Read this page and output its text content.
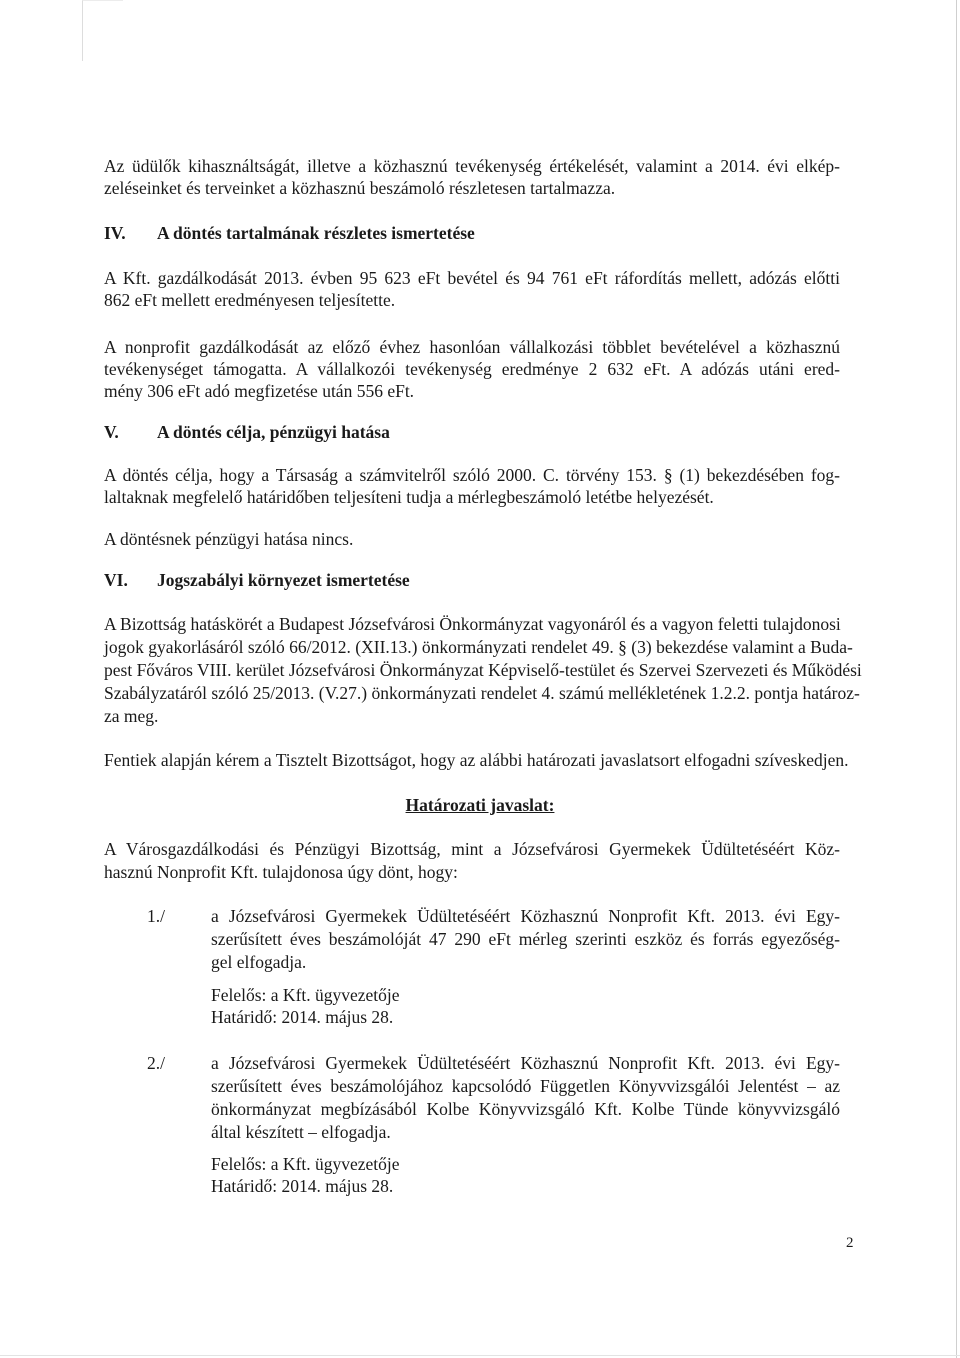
Az üdülők kihasználtságát, illetve a közhasznú tevékenység értékelését, valamint a 2014. évi elkép-
zeléseinket és terveinket a közhasznú beszámoló részletesen tartalmazza.
IV. A döntés tartalmának részletes ismertetése
A Kft. gazdálkodását 2013. évben 95 623 eFt bevétel és 94 761 eFt ráfordítás mellett, adózás előtti
862 eFt mellett eredményesen teljesítette.
A nonprofit gazdálkodását az előző évhez hasonlóan vállalkozási többlet bevételével a közhasznú
tevékenységet támogatta. A vállalkozói tevékenység eredménye 2 632 eFt. A adózás utáni ered-
mény 306 eFt adó megfizetése után 556 eFt.
V. A döntés célja, pénzügyi hatása
A döntés célja, hogy a Társaság a számvitelről szóló 2000. C. törvény 153. § (1) bekezdésében fog-
laltaknak megfelelő határidőben teljesíteni tudja a mérlegbeszámoló letétbe helyezését.
A döntésnek pénzügyi hatása nincs.
VI. Jogszabályi környezet ismertetése
A Bizottság hatáskörét a Budapest Józsefvárosi Önkormányzat vagyonáról és a vagyon feletti tulajdonosi
jogok gyakorlásáról szóló 66/2012. (XII.13.) önkormányzati rendelet 49. § (3) bekezdése valamint a Buda-
pest Főváros VIII. kerület Józsefvárosi Önkormányzat Képviselő-testület és Szervei Szervezeti és Működési
Szabályzatáról szóló 25/2013. (V.27.) önkormányzati rendelet 4. számú mellékletének 1.2.2. pontja határoz-
za meg.
Fentiek alapján kérem a Tisztelt Bizottságot, hogy az alábbi határozati javaslatsort elfogadni szíveskedjen.
Határozati javaslat:
A Városgazdálkodási és Pénzügyi Bizottság, mint a Józsefvárosi Gyermekek Üdültetéséért Köz-
hasznú Nonprofit Kft. tulajdonosa úgy dönt, hogy:
1./	a Józsefvárosi Gyermekek Üdültetéséért Közhasznú Nonprofit Kft. 2013. évi Egy-
szerűsített éves beszámolóját 47 290 eFt mérleg szerinti eszköz és forrás egyezőség-
gel elfogadja.
Felelős: a Kft. ügyvezetője
Határidő: 2014. május 28.
2./	a Józsefvárosi Gyermekek Üdültetéséért Közhasznú Nonprofit Kft. 2013. évi Egy-
szerűsített éves beszámolójához kapcsolódó Független Könyvvizsgálói Jelentést – az
önkormányzat megbízásából Kolbe Könyvvizsgáló Kft. Kolbe Tünde könyvvizsgáló
által készített – elfogadja.
Felelős: a Kft. ügyvezetője
Határidő: 2014. május 28.
2
